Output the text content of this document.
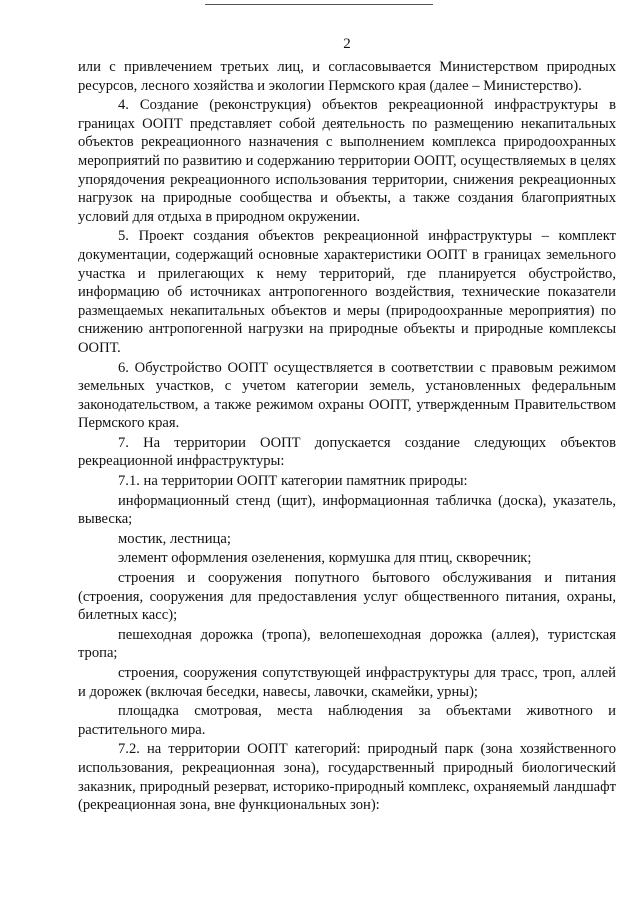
2

или с привлечением третьих лиц, и согласовывается Министерством природных ресурсов, лесного хозяйства и экологии Пермского края (далее – Министерство).

4. Создание (реконструкция) объектов рекреационной инфраструктуры в границах ООПТ представляет собой деятельность по размещению некапитальных объектов рекреационного назначения с выполнением комплекса природоохранных мероприятий по развитию и содержанию территории ООПТ, осуществляемых в целях упорядочения рекреационного использования территории, снижения рекреационных нагрузок на природные сообщества и объекты, а также создания благоприятных условий для отдыха в природном окружении.

5. Проект создания объектов рекреационной инфраструктуры – комплект документации, содержащий основные характеристики ООПТ в границах земельного участка и прилегающих к нему территорий, где планируется обустройство, информацию об источниках антропогенного воздействия, технические показатели размещаемых некапитальных объектов и меры (природоохранные мероприятия) по снижению антропогенной нагрузки на природные объекты и природные комплексы ООПТ.

6. Обустройство ООПТ осуществляется в соответствии с правовым режимом земельных участков, с учетом категории земель, установленных федеральным законодательством, а также режимом охраны ООПТ, утвержденным Правительством Пермского края.

7. На территории ООПТ допускается создание следующих объектов рекреационной инфраструктуры:

7.1. на территории ООПТ категории памятник природы:

информационный стенд (щит), информационная табличка (доска), указатель, вывеска;

мостик, лестница;

элемент оформления озеленения, кормушка для птиц, скворечник;

строения и сооружения попутного бытового обслуживания и питания (строения, сооружения для предоставления услуг общественного питания, охраны, билетных касс);

пешеходная дорожка (тропа), велопешеходная дорожка (аллея), туристская тропа;

строения, сооружения сопутствующей инфраструктуры для трасс, троп, аллей и дорожек (включая беседки, навесы, лавочки, скамейки, урны);

площадка смотровая, места наблюдения за объектами животного и растительного мира.

7.2. на территории ООПТ категорий: природный парк (зона хозяйственного использования, рекреационная зона), государственный природный биологический заказник, природный резерват, историко-природный комплекс, охраняемый ландшафт (рекреационная зона, вне функциональных зон):
